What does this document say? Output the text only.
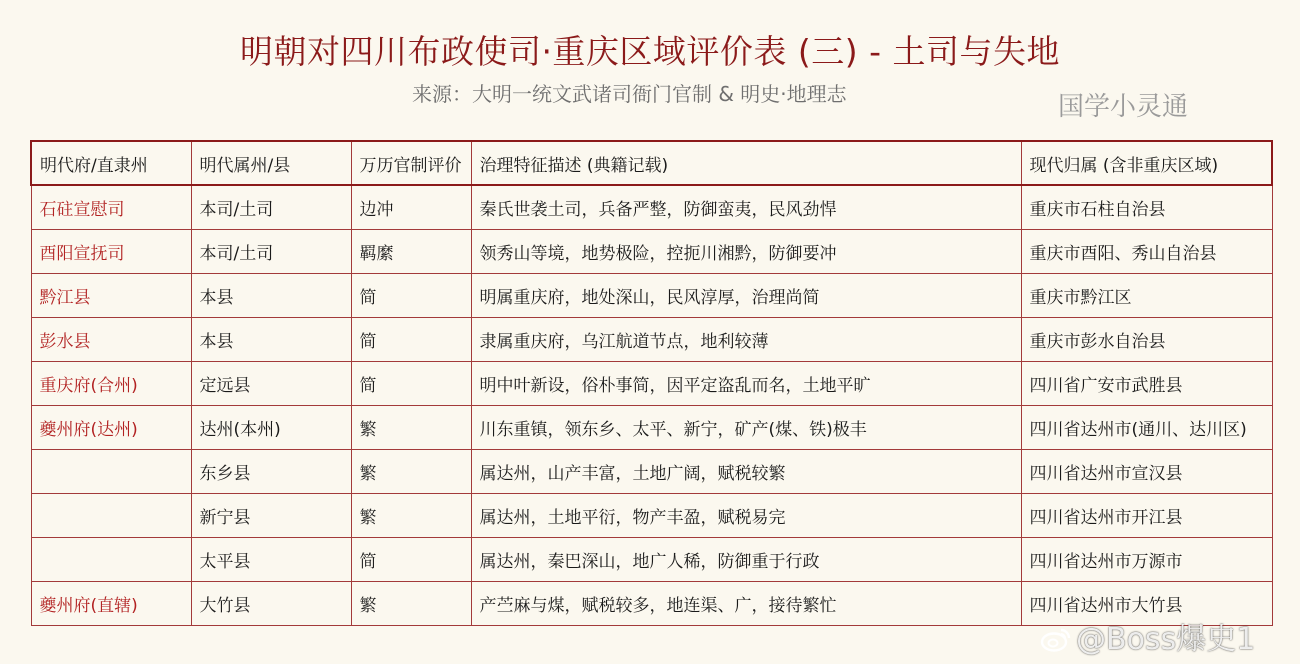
明朝对四川布政使司·重庆区域评价表 (三) - 土司与失地
来源：大明一统文武诸司衙门官制 & 明史·地理志	国学小灵通
明代府/直隶州	明代属州/县	万历官制评价	治理特征描述 (典籍记载)	现代归属 (含非重庆区域)
石砫宣慰司	本司/土司	边冲	秦氏世袭土司，兵备严整，防御蛮夷，民风劲悍	重庆市石柱自治县
酉阳宣抚司	本司/土司	羁縻	领秀山等境，地势极险，控扼川湘黔，防御要冲	重庆市酉阳、秀山自治县
黔江县	本县	简	明属重庆府，地处深山，民风淳厚，治理尚简	重庆市黔江区
彭水县	本县	简	隶属重庆府，乌江航道节点，地利较薄	重庆市彭水自治县
重庆府(合州)	定远县	简	明中叶新设，俗朴事简，因平定盗乱而名，土地平旷	四川省广安市武胜县
夔州府(达州)	达州(本州)	繁	川东重镇，领东乡、太平、新宁，矿产(煤、铁)极丰	四川省达州市(通川、达川区)
	东乡县	繁	属达州，山产丰富，土地广阔，赋税较繁	四川省达州市宣汉县
	新宁县	繁	属达州，土地平衍，物产丰盈，赋税易完	四川省达州市开江县
	太平县	简	属达州，秦巴深山，地广人稀，防御重于行政	四川省达州市万源市
夔州府(直辖)	大竹县	繁	产苎麻与煤，赋税较多，地连渠、广，接待繁忙	四川省达州市大竹县
@Boss爆史1
